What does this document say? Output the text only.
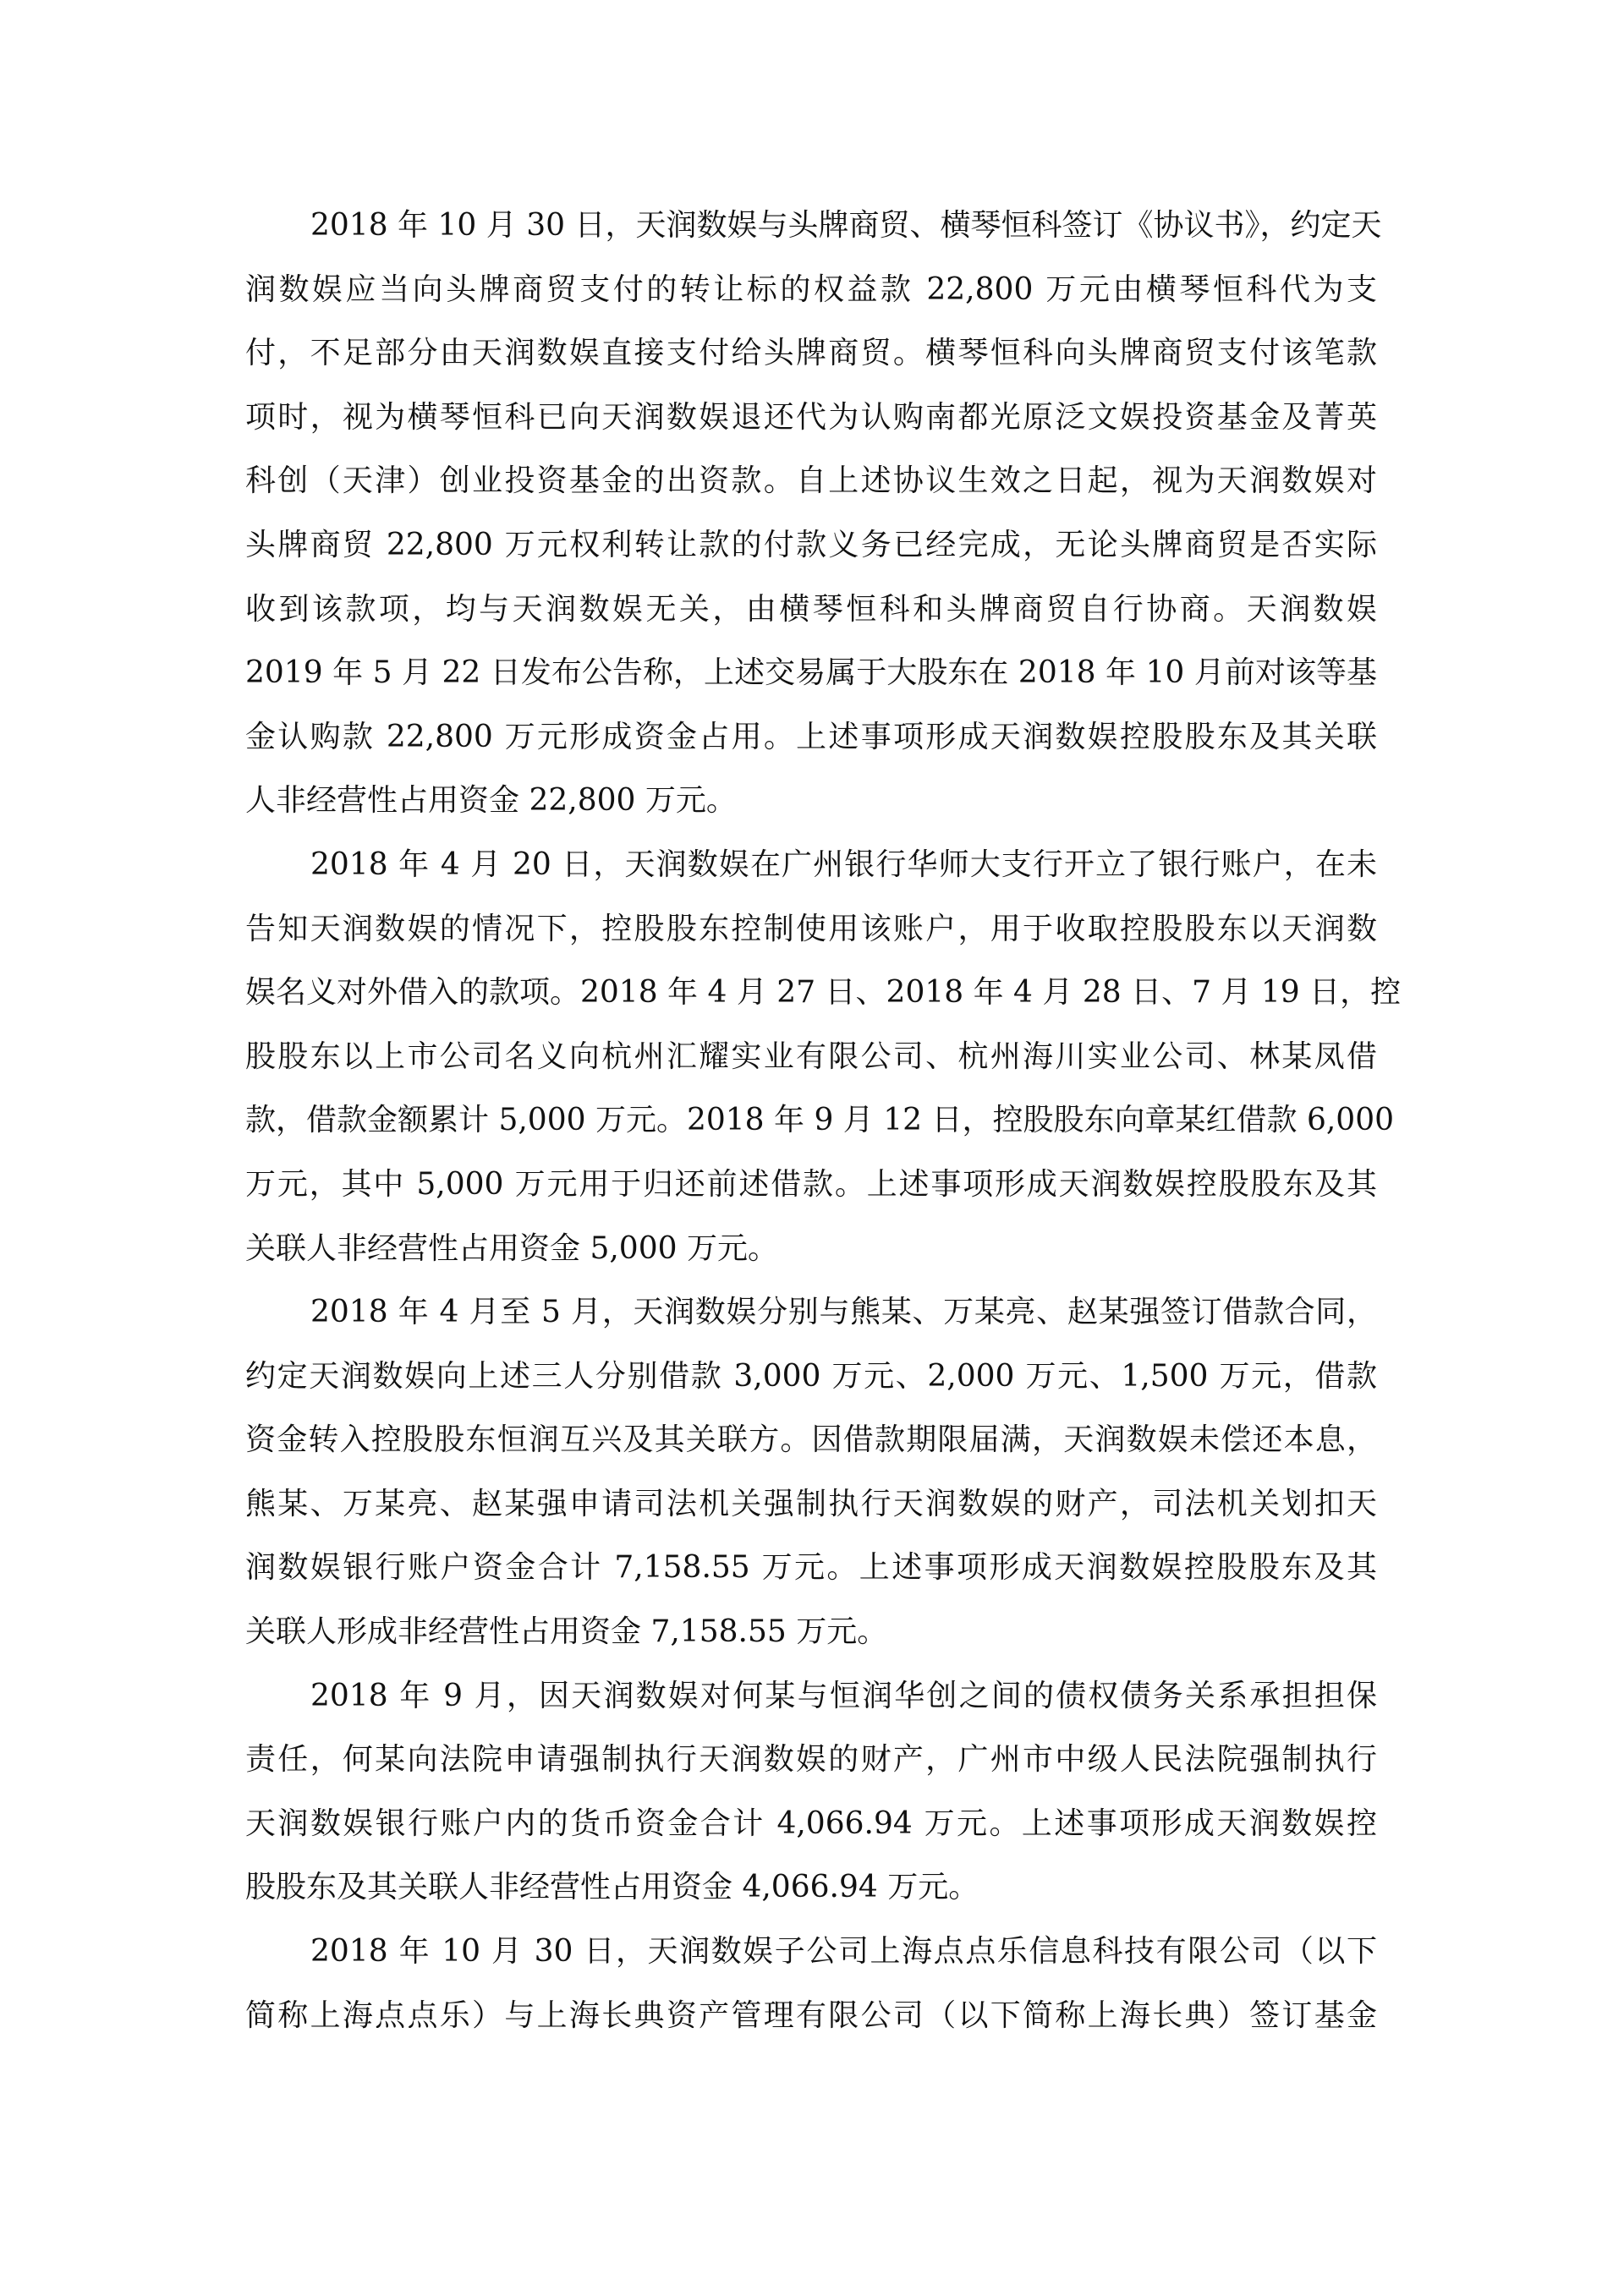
2018 年 10 月 30 日，天润数娱与头牌商贸、横琴恒科签订《协议书》，约定天
润数娱应当向头牌商贸支付的转让标的权益款 22,800 万元由横琴恒科代为支
付，不足部分由天润数娱直接支付给头牌商贸。横琴恒科向头牌商贸支付该笔款
项时，视为横琴恒科已向天润数娱退还代为认购南都光原泛文娱投资基金及菁英
科创（天津）创业投资基金的出资款。自上述协议生效之日起，视为天润数娱对
头牌商贸 22,800 万元权利转让款的付款义务已经完成，无论头牌商贸是否实际
收到该款项，均与天润数娱无关，由横琴恒科和头牌商贸自行协商。天润数娱
2019 年 5 月 22 日发布公告称，上述交易属于大股东在 2018 年 10 月前对该等基
金认购款 22,800 万元形成资金占用。上述事项形成天润数娱控股股东及其关联
人非经营性占用资金 22,800 万元。
2018 年 4 月 20 日，天润数娱在广州银行华师大支行开立了银行账户，在未
告知天润数娱的情况下，控股股东控制使用该账户，用于收取控股股东以天润数
娱名义对外借入的款项。2018 年 4 月 27 日、2018 年 4 月 28 日、7 月 19 日，控
股股东以上市公司名义向杭州汇耀实业有限公司、杭州海川实业公司、林某凤借
款，借款金额累计 5,000 万元。2018 年 9 月 12 日，控股股东向章某红借款 6,000
万元，其中 5,000 万元用于归还前述借款。上述事项形成天润数娱控股股东及其
关联人非经营性占用资金 5,000 万元。
2018 年 4 月至 5 月，天润数娱分别与熊某、万某亮、赵某强签订借款合同，
约定天润数娱向上述三人分别借款 3,000 万元、2,000 万元、1,500 万元，借款
资金转入控股股东恒润互兴及其关联方。因借款期限届满，天润数娱未偿还本息，
熊某、万某亮、赵某强申请司法机关强制执行天润数娱的财产，司法机关划扣天
润数娱银行账户资金合计 7,158.55 万元。上述事项形成天润数娱控股股东及其
关联人形成非经营性占用资金 7,158.55 万元。
2018 年 9 月，因天润数娱对何某与恒润华创之间的债权债务关系承担担保
责任，何某向法院申请强制执行天润数娱的财产，广州市中级人民法院强制执行
天润数娱银行账户内的货币资金合计 4,066.94 万元。上述事项形成天润数娱控
股股东及其关联人非经营性占用资金 4,066.94 万元。
2018 年 10 月 30 日，天润数娱子公司上海点点乐信息科技有限公司（以下
简称上海点点乐）与上海长典资产管理有限公司（以下简称上海长典）签订基金
